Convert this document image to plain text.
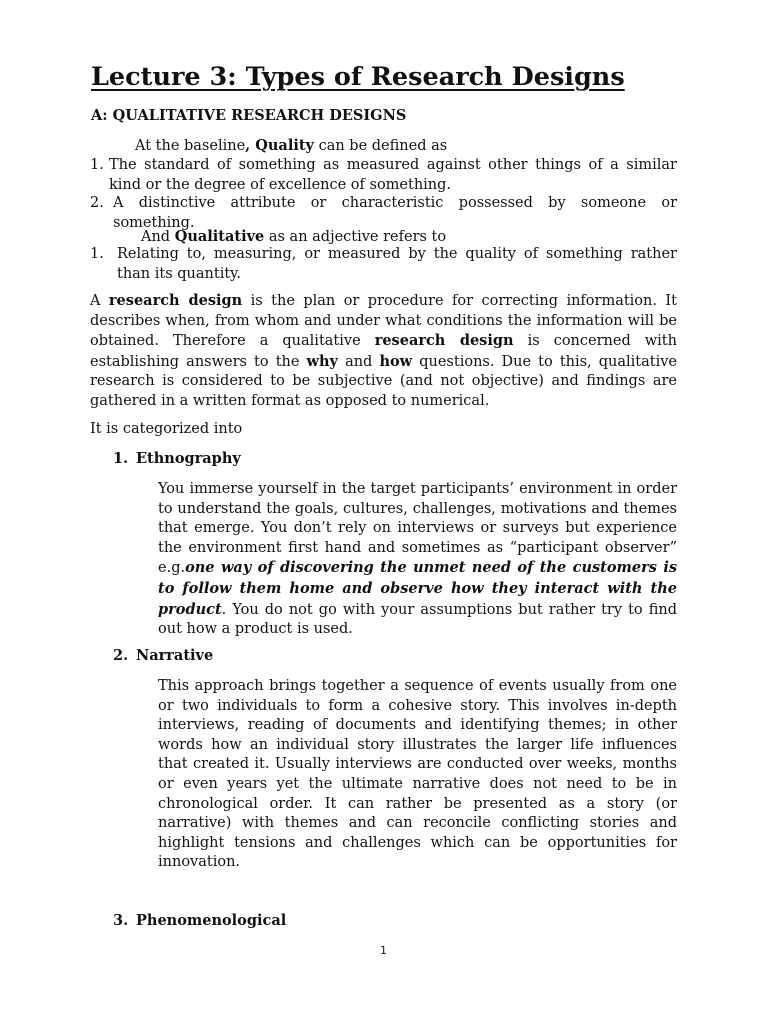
Lecture 3: Types of Research Designs

A: QUALITATIVE RESEARCH DESIGNS

At the baseline, Quality can be defined as

1. The standard of something as measured against other things of a similar kind or the degree of excellence of something.
2. A distinctive attribute or characteristic possessed by someone or something.

And Qualitative as an adjective refers to

1. Relating to, measuring, or measured by the quality of something rather than its quantity.

A research design is the plan or procedure for correcting information. It describes when, from whom and under what conditions the information will be obtained. Therefore a qualitative research design is concerned with establishing answers to the why and how questions. Due to this, qualitative research is considered to be subjective (and not objective) and findings are gathered in a written format as opposed to numerical.

It is categorized into

1. Ethnography

You immerse yourself in the target participants’ environment in order to understand the goals, cultures, challenges, motivations and themes that emerge. You don’t rely on interviews or surveys but experience the environment first hand and sometimes as “participant observer” e.g.one way of discovering the unmet need of the customers is to follow them home and observe how they interact with the product. You do not go with your assumptions but rather try to find out how a product is used.

2. Narrative

This approach brings together a sequence of events usually from one or two individuals to form a cohesive story. This involves in-depth interviews, reading of documents and identifying themes; in other words how an individual story illustrates the larger life influences that created it. Usually interviews are conducted over weeks, months or even years yet the ultimate narrative does not need to be in chronological order. It can rather be presented as a story (or narrative) with themes and can reconcile conflicting stories and highlight tensions and challenges which can be opportunities for innovation.

3. Phenomenological

1
